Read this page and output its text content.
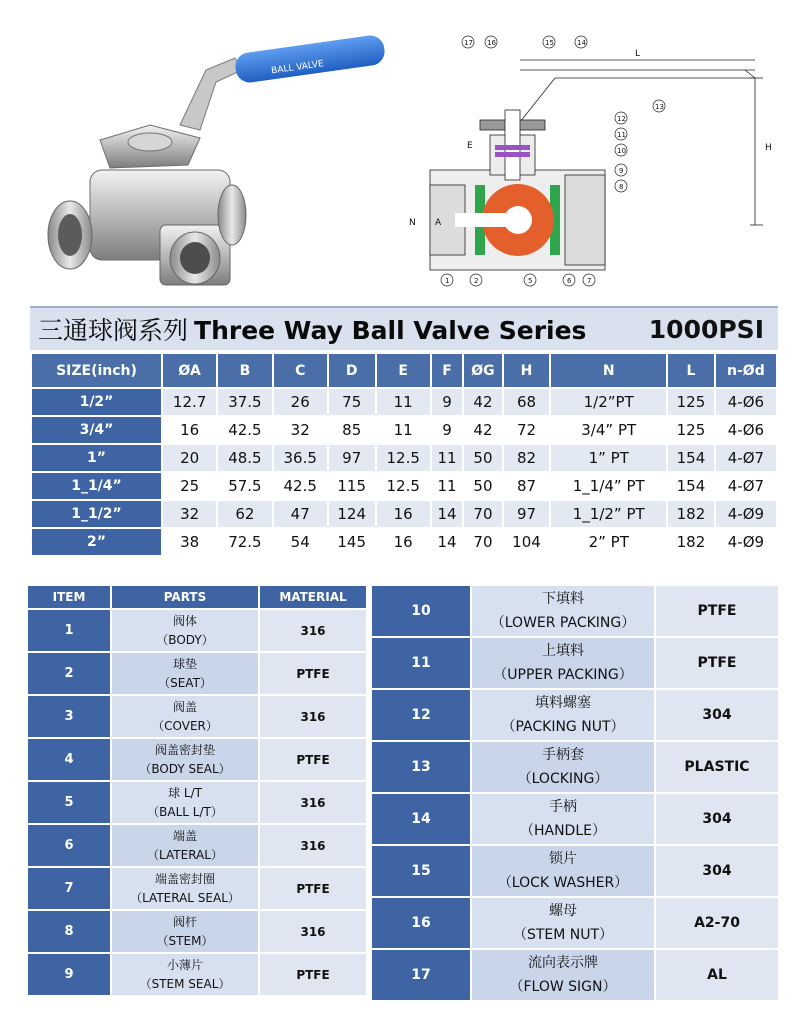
BALL VALVE
L
H
E
N A
17 16	15	14
13
12
11
10
9
8
7
6
5
2
1
三通球阀系列 Three Way Ball Valve Series 1000PSI
SIZE(inch)	ØA	B	C	D	E	F	ØG	H	N	L	n-Ød
1/2”	12.7	37.5	26	75	11	9	42	68	1/2”PT	125	4-Ø6
3/4”	16	42.5	32	85	11	9	42	72	3/4” PT	125	4-Ø6
1”	20	48.5	36.5	97	12.5	11	50	82	1” PT	154	4-Ø7
1_1/4”	25	57.5	42.5	115	12.5	11	50	87	1_1/4” PT	154	4-Ø7
1_1/2”	32	62	47	124	16	14	70	97	1_1/2” PT	182	4-Ø9
2”	38	72.5	54	145	16	14	70	104	2” PT	182	4-Ø9
ITEM	PARTS	MATERIAL
1	阀体
（BODY）	316
2	球垫
（SEAT）	PTFE
3	阀盖
（COVER）	316
4	阀盖密封垫
（BODY SEAL）	PTFE
5	球 L/T
（BALL L/T）	316
6	端盖
（LATERAL）	316
7	端盖密封圈
（LATERAL SEAL）	PTFE
8	阀杆
（STEM）	316
9	小薄片
（STEM SEAL）	PTFE
10	下填料
（LOWER PACKING）	PTFE
11	上填料
（UPPER PACKING）	PTFE
12	填料螺塞
（PACKING NUT）	304
13	手柄套
（LOCKING）	PLASTIC
14	手柄
（HANDLE）	304
15	锁片
（LOCK WASHER）	304
16	螺母
（STEM NUT）	A2-70
17	流向表示牌
（FLOW SIGN）	AL
